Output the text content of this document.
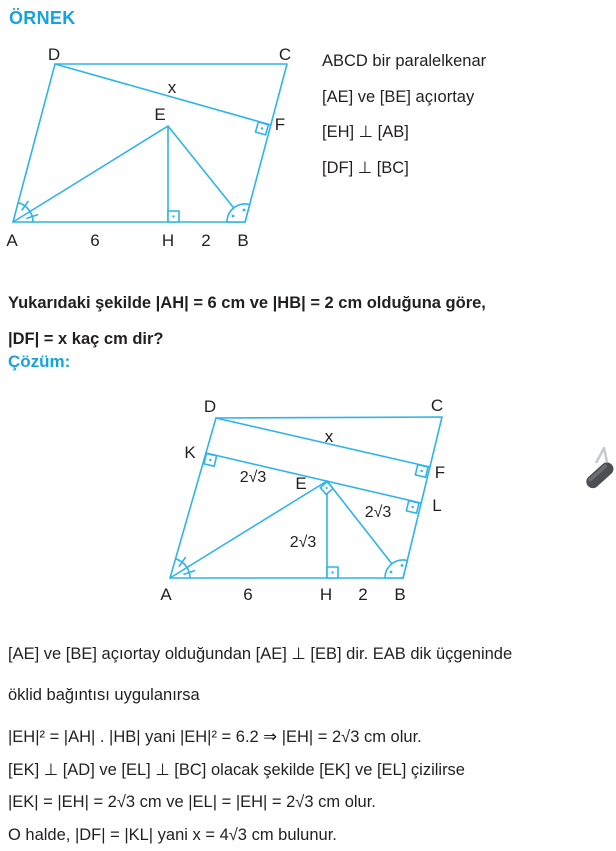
ÖRNEK
D	C
x
E
F
A	6	H 2 B
ABCD bir paralelkenar
[AE] ve [BE] açıortay
[EH] ⊥ [AB]
[DF] ⊥ [BC]
Yukarıdaki şekilde |AH| = 6 cm ve |HB| = 2 cm olduğuna göre,
|DF| = x kaç cm dir?
Çözüm:
D	C
K
x
F
E
L
2√3
2√3
2√3
A	6	H 2 B
[AE] ve [BE] açıortay olduğundan [AE] ⊥ [EB] dir. EAB dik üçgeninde
öklid bağıntısı uygulanırsa
|EH|² = |AH| . |HB| yani |EH|² = 6.2 ⇒ |EH| = 2√3 cm olur.
[EK] ⊥ [AD] ve [EL] ⊥ [BC] olacak şekilde [EK] ve [EL] çizilirse
|EK| = |EH| = 2√3 cm ve |EL| = |EH| = 2√3 cm olur.
O halde, |DF| = |KL| yani x = 4√3 cm bulunur.
